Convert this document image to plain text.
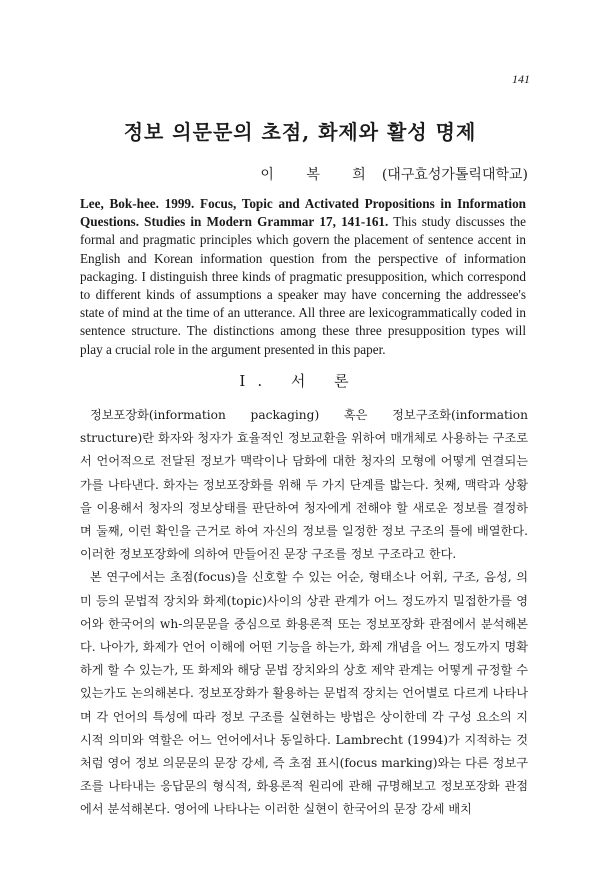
141
정보 의문문의 초점, 화제와 활성 명제
이 복 희 (대구효성가톨릭대학교)

Lee, Bok-hee. 1999. Focus, Topic and Activated Propositions in Information Questions. Studies in Modern Grammar 17, 141-161. This study discusses the formal and pragmatic principles which govern the placement of sentence accent in English and Korean information question from the perspective of information packaging. I distinguish three kinds of pragmatic presupposition, which correspond to different kinds of assumptions a speaker may have concerning the addressee's state of mind at the time of an utterance. All three are lexicogrammatically coded in sentence structure. The distinctions among these three presupposition types will play a crucial role in the argument presented in this paper.

I. 서 론

정보포장화(information packaging) 혹은 정보구조화(information structure)란 화자와 청자가 효율적인 정보교환을 위하여 매개체로 사용하는 구조로서 언어적으로 전달된 정보가 맥락이나 담화에 대한 청자의 모형에 어떻게 연결되는가를 나타낸다. 화자는 정보포장화를 위해 두 가지 단계를 밟는다. 첫째, 맥락과 상황을 이용해서 청자의 정보상태를 판단하여 청자에게 전해야 할 새로운 정보를 결정하며 둘째, 이런 확인을 근거로 하여 자신의 정보를 일정한 정보 구조의 틀에 배열한다. 이러한 정보포장화에 의하여 만들어진 문장 구조를 정보 구조라고 한다.

본 연구에서는 초점(focus)을 신호할 수 있는 어순, 형태소나 어휘, 구조, 음성, 의미 등의 문법적 장치와 화제(topic)사이의 상관 관계가 어느 정도까지 밀접한가를 영어와 한국어의 wh-의문문을 중심으로 화용론적 또는 정보포장화 관점에서 분석해본다. 나아가, 화제가 언어 이해에 어떤 기능을 하는가, 화제 개념을 어느 정도까지 명확하게 할 수 있는가, 또 화제와 해당 문법 장치와의 상호 제약 관계는 어떻게 규정할 수 있는가도 논의해본다. 정보포장화가 활용하는 문법적 장치는 언어별로 다르게 나타나며 각 언어의 특성에 따라 정보 구조를 실현하는 방법은 상이한데 각 구성 요소의 지시적 의미와 역할은 어느 언어에서나 동일하다. Lambrecht (1994)가 지적하는 것처럼 영어 정보 의문문의 문장 강세, 즉 초점 표시(focus marking)와는 다른 정보구조를 나타내는 응답문의 형식적, 화용론적 원리에 관해 규명해보고 정보포장화 관점에서 분석해본다. 영어에 나타나는 이러한 실현이 한국어의 문장 강세 배치
